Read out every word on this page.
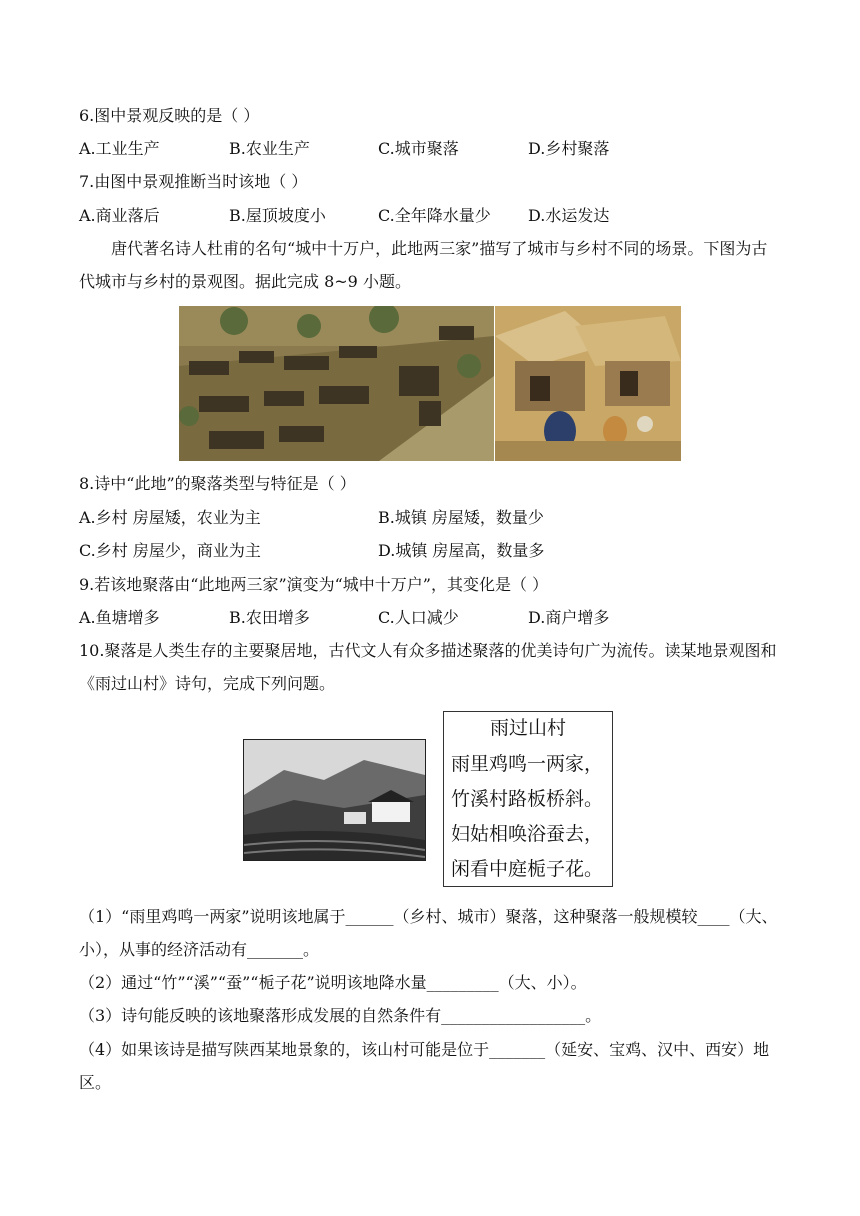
6.图中景观反映的是（ ）
A.工业生产	B.农业生产	C.城市聚落	D.乡村聚落
7.由图中景观推断当时该地（ ）
A.商业落后	B.屋顶坡度小	C.全年降水量少 D.水运发达
唐代著名诗人杜甫的名句“城中十万户，此地两三家”描写了城市与乡村不同的场景。下图为古代城市与乡村的景观图。据此完成 8~9 小题。
8.诗中“此地”的聚落类型与特征是（ ）
A.乡村 房屋矮，农业为主	B.城镇 房屋矮，数量少
C.乡村 房屋少，商业为主	D.城镇 房屋高，数量多
9.若该地聚落由“此地两三家”演变为“城中十万户”，其变化是（ ）
A.鱼塘增多	B.农田增多	C.人口减少	D.商户增多
10.聚落是人类生存的主要聚居地，古代文人有众多描述聚落的优美诗句广为流传。读某地景观图和《雨过山村》诗句，完成下列问题。
雨过山村
雨里鸡鸣一两家，
竹溪村路板桥斜。
妇姑相唤浴蚕去，
闲看中庭栀子花。
（1）“雨里鸡鸣一两家”说明该地属于______（乡村、城市）聚落，这种聚落一般规模较____（大、小），从事的经济活动有_______。
（2）通过“竹”“溪”“蚕”“栀子花”说明该地降水量_________（大、小）。
（3）诗句能反映的该地聚落形成发展的自然条件有__________________。
（4）如果该诗是描写陕西某地景象的，该山村可能是位于_______（延安、宝鸡、汉中、西安）地区。
